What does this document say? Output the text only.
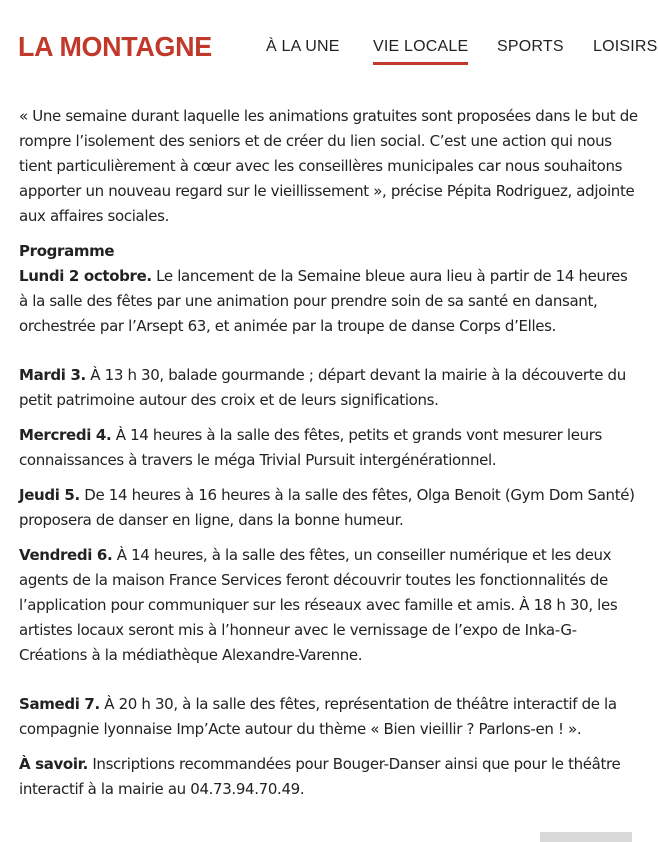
LA MONTAGNE	À LA UNE VIE LOCALE SPORTS LOISIRS

« Une semaine durant laquelle les animations gratuites sont proposées dans le but de rompre l’isolement des seniors et de créer du lien social. C’est une action qui nous tient particulièrement à cœur avec les conseillères municipales car nous souhaitons apporter un nouveau regard sur le vieillissement », précise Pépita Rodriguez, adjointe aux affaires sociales.

Programme
Lundi 2 octobre. Le lancement de la Semaine bleue aura lieu à partir de 14 heures à la salle des fêtes par une animation pour prendre soin de sa santé en dansant, orchestrée par l’Arsept 63, et animée par la troupe de danse Corps d’Elles.

Mardi 3. À 13 h 30, balade gourmande ; départ devant la mairie à la découverte du petit patrimoine autour des croix et de leurs significations.

Mercredi 4. À 14 heures à la salle des fêtes, petits et grands vont mesurer leurs connaissances à travers le méga Trivial Pursuit intergénérationnel.

Jeudi 5. De 14 heures à 16 heures à la salle des fêtes, Olga Benoit (Gym Dom Santé) proposera de danser en ligne, dans la bonne humeur.

Vendredi 6. À 14 heures, à la salle des fêtes, un conseiller numérique et les deux agents de la maison France Services feront découvrir toutes les fonctionnalités de l’application pour communiquer sur les réseaux avec famille et amis. À 18 h 30, les artistes locaux seront mis à l’honneur avec le vernissage de l’expo de Inka-G-Créations à la médiathèque Alexandre-Varenne.

Samedi 7. À 20 h 30, à la salle des fêtes, représentation de théâtre interactif de la compagnie lyonnaise Imp’Acte autour du thème « Bien vieillir ? Parlons-en ! ».

À savoir. Inscriptions recommandées pour Bouger-Danser ainsi que pour le théâtre interactif à la mairie au 04.73.94.70.49.
